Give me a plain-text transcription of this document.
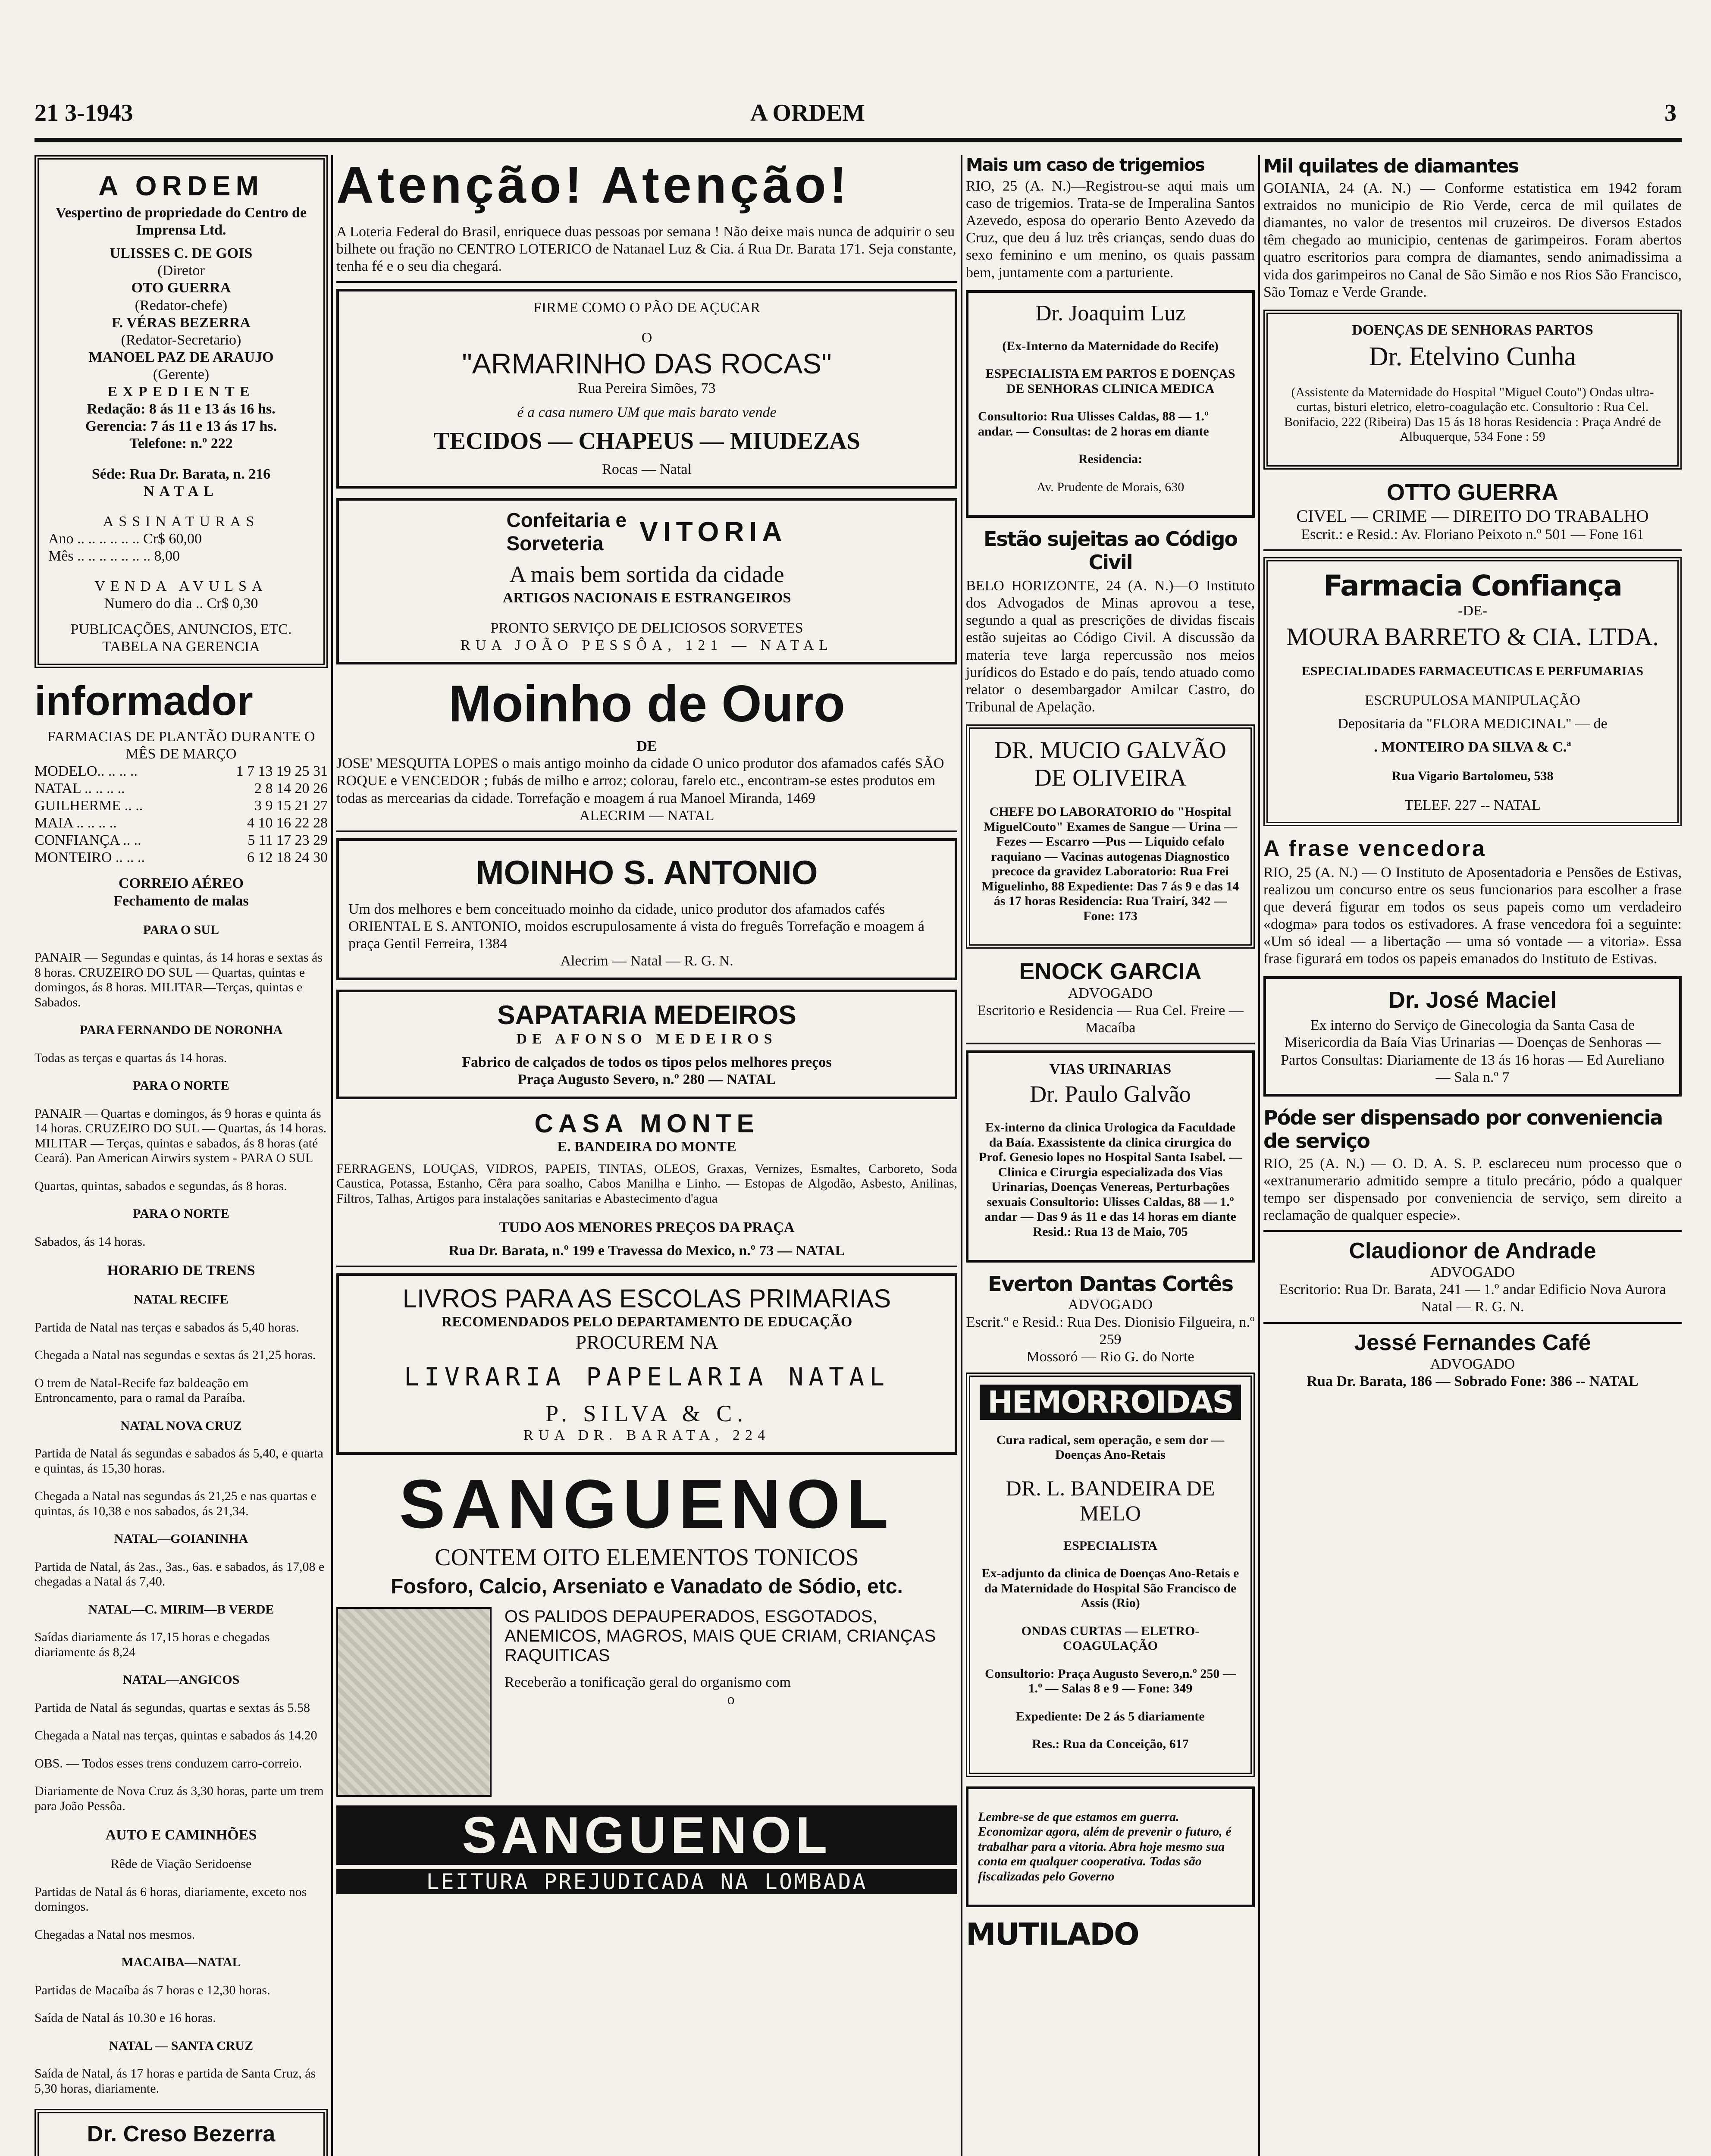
21 3-1943	A ORDEM	3

A ORDEM

Vespertino de propriedade do Centro de Imprensa Ltd.

ULISSES C. DE GOIS

(Diretor

OTO GUERRA

(Redator-chefe)

F. VÉRAS BEZERRA

(Redator-Secretario)

MANOEL PAZ DE ARAUJO

(Gerente)

EXPEDIENTE

Redação: 8 ás 11 e 13 ás 16 hs.

Gerencia: 7 ás 11 e 13 ás 17 hs.

Telefone: n.º 222

Séde: Rua Dr. Barata, n. 216

NATAL

ASSINATURAS

Ano .. .. .. .. .. .. Cr$ 60,00

Mês .. .. .. .. .. .. .. 8,00

VENDA AVULSA

Numero do dia .. Cr$ 0,30

PUBLICAÇÕES, ANUNCIOS, ETC.

TABELA NA GERENCIA

informador

FARMACIAS DE PLANTÃO DURANTE O MÊS DE MARÇO

MODELO.. .. .. ..	1 7 13 19 25 31
NATAL .. .. .. ..	2 8 14 20 26
GUILHERME .. ..	3 9 15 21 27
MAIA .. .. .. ..	4 10 16 22 28
CONFIANÇA .. ..	5 11 17 23 29
MONTEIRO .. .. ..	6 12 18 24 30

CORREIO AÉREO

Fechamento de malas

PARA O SUL

PANAIR — Segundas e quintas, ás 14 horas e sextas ás 8 horas. CRUZEIRO DO SUL — Quartas, quintas e domingos, ás 8 horas. MILITAR—Terças, quintas e Sabados.

PARA FERNANDO DE NORONHA

Todas as terças e quartas ás 14 horas.

PARA O NORTE

PANAIR — Quartas e domingos, ás 9 horas e quinta ás 14 horas. CRUZEIRO DO SUL — Quartas, ás 14 horas. MILITAR — Terças, quintas e sabados, ás 8 horas (até Ceará). Pan American Airwirs system - PARA O SUL

Quartas, quintas, sabados e segundas, ás 8 horas.

PARA O NORTE

Sabados, ás 14 horas.

HORARIO DE TRENS

NATAL RECIFE

Partida de Natal nas terças e sabados ás 5,40 horas.

Chegada a Natal nas segundas e sextas ás 21,25 horas.

O trem de Natal-Recife faz baldeação em Entroncamento, para o ramal da Paraíba.

NATAL NOVA CRUZ

Partida de Natal ás segundas e sabados ás 5,40, e quarta e quintas, ás 15,30 horas.

Chegada a Natal nas segundas ás 21,25 e nas quartas e quintas, ás 10,38 e nos sabados, ás 21,34.

NATAL—GOIANINHA

Partida de Natal, ás 2as., 3as., 6as. e sabados, ás 17,08 e chegadas a Natal ás 7,40.

NATAL—C. MIRIM—B VERDE

Saídas diariamente ás 17,15 horas e chegadas diariamente ás 8,24

NATAL—ANGICOS

Partida de Natal ás segundas, quartas e sextas ás 5.58

Chegada a Natal nas terças, quintas e sabados ás 14.20

OBS. — Todos esses trens conduzem carro-correio.

Diariamente de Nova Cruz ás 3,30 horas, parte um trem para João Pessôa.

AUTO E CAMINHÕES

Rêde de Viação Seridoense

Partidas de Natal ás 6 horas, diariamente, exceto nos domingos.

Chegadas a Natal nos mesmos.

MACAIBA—NATAL

Partidas de Macaíba ás 7 horas e 12,30 horas.

Saída de Natal ás 10.30 e 16 horas.

NATAL — SANTA CRUZ

Saída de Natal, ás 17 horas e partida de Santa Cruz, ás 5,30 horas, diariamente.

Dr. Creso Bezerra

Atenção! Atenção!

A Loteria Federal do Brasil, enriquece duas pessoas por semana ! Não deixe mais nunca de adquirir o seu bilhete ou fração no CENTRO LOTERICO de Natanael Luz & Cia. á Rua Dr. Barata 171. Seja constante, tenha fé e o seu dia chegará.

FIRME COMO O PÃO DE AÇUCAR

O

"ARMARINHO DAS ROCAS"

Rua Pereira Simões, 73

é a casa numero UM que mais barato vende

TECIDOS — CHAPEUS — MIUDEZAS

Rocas — Natal

Confeitaria e

Sorveteria	VITORIA

A mais bem sortida da cidade

ARTIGOS NACIONAIS E ESTRANGEIROS

PRONTO SERVIÇO DE DELICIOSOS SORVETES

RUA JOÃO PESSÔA, 121 — NATAL

Moinho de Ouro

DE

JOSE' MESQUITA LOPES o mais antigo moinho da cidade O unico produtor dos afamados cafés SÃO ROQUE e VENCEDOR ; fubás de milho e arroz; colorau, farelo etc., encontram-se estes produtos em todas as mercearias da cidade. Torrefação e moagem á rua Manoel Miranda, 1469

ALECRIM — NATAL

MOINHO S. ANTONIO

Um dos melhores e bem conceituado moinho da cidade, unico produtor dos afamados cafés ORIENTAL E S. ANTONIO, moidos escrupulosamente á vista do freguês Torrefação e moagem á praça Gentil Ferreira, 1384

Alecrim — Natal — R. G. N.

SAPATARIA MEDEIROS

DE AFONSO MEDEIROS

Fabrico de calçados de todos os tipos pelos melhores preços

Praça Augusto Severo, n.º 280 — NATAL

CASA MONTE

E. BANDEIRA DO MONTE

FERRAGENS, LOUÇAS, VIDROS, PAPEIS, TINTAS, OLEOS, Graxas, Vernizes, Esmaltes, Carboreto, Soda Caustica, Potassa, Estanho, Cêra para soalho, Cabos Manilha e Linho. — Estopas de Algodão, Asbesto, Anilinas, Filtros, Talhas, Artigos para instalações sanitarias e Abastecimento d'agua

TUDO AOS MENORES PREÇOS DA PRAÇA

Rua Dr. Barata, n.º 199 e Travessa do Mexico, n.º 73 — NATAL

LIVROS PARA AS ESCOLAS PRIMARIAS

RECOMENDADOS PELO DEPARTAMENTO DE EDUCAÇÃO

PROCUREM NA

LIVRARIA PAPELARIA NATAL

P. SILVA & C.

RUA DR. BARATA, 224

SANGUENOL

CONTEM OITO ELEMENTOS TONICOS

Fosforo, Calcio, Arseniato e Vanadato de Sódio, etc.

OS PALIDOS DEPAUPERADOS, ESGOTADOS, ANEMICOS, MAGROS, MAIS QUE CRIAM, CRIANÇAS RAQUITICAS

Receberão a tonificação geral do organismo com

o

SANGUENOL

LEITURA PREJUDICADA NA LOMBADA

Mais um caso de trigemios

RIO, 25 (A. N.)—Registrou-se aqui mais um caso de trigemios. Trata-se de Imperalina Santos Azevedo, esposa do operario Bento Azevedo da Cruz, que deu á luz três crianças, sendo duas do sexo feminino e um menino, os quais passam bem, juntamente com a parturiente.

Dr. Joaquim Luz

(Ex-Interno da Maternidade do Recife)

ESPECIALISTA EM PARTOS E DOENÇAS DE SENHORAS CLINICA MEDICA

Consultorio: Rua Ulisses Caldas, 88 — 1.º andar. — Consultas: de 2 horas em diante

Residencia:

Av. Prudente de Morais, 630

Estão sujeitas ao Código Civil

BELO HORIZONTE, 24 (A. N.)—O Instituto dos Advogados de Minas aprovou a tese, segundo a qual as prescrições de dividas fiscais estão sujeitas ao Código Civil. A discussão da materia teve larga repercussão nos meios jurídicos do Estado e do país, tendo atuado como relator o desembargador Amilcar Castro, do Tribunal de Apelação.

DR. MUCIO GALVÃO DE OLIVEIRA

CHEFE DO LABORATORIO do "Hospital MiguelCouto" Exames de Sangue — Urina — Fezes — Escarro —Pus — Liquido cefalo raquiano — Vacinas autogenas Diagnostico precoce da gravidez Laboratorio: Rua Frei Miguelinho, 88 Expediente: Das 7 ás 9 e das 14 ás 17 horas Residencia: Rua Trairí, 342 — Fone: 173

ENOCK GARCIA

ADVOGADO

Escritorio e Residencia — Rua Cel. Freire — Macaíba

VIAS URINARIAS

Dr. Paulo Galvão

Ex-interno da clinica Urologica da Faculdade da Baía. Exassistente da clinica cirurgica do Prof. Genesio lopes no Hospital Santa Isabel. — Clinica e Cirurgia especializada dos Vias Urinarias, Doenças Venereas, Perturbações sexuais Consultorio: Ulisses Caldas, 88 — 1.º andar — Das 9 ás 11 e das 14 horas em diante Resid.: Rua 13 de Maio, 705

Everton Dantas Cortês

ADVOGADO

Escrit.º e Resid.: Rua Des. Dionisio Filgueira, n.º 259

Mossoró — Rio G. do Norte

HEMORROIDAS

Cura radical, sem operação, e sem dor — Doenças Ano-Retais

DR. L. BANDEIRA DE MELO

ESPECIALISTA

Ex-adjunto da clinica de Doenças Ano-Retais e da Maternidade do Hospital São Francisco de Assis (Rio)

ONDAS CURTAS — ELETRO-COAGULAÇÃO

Consultorio: Praça Augusto Severo,n.º 250 — 1.º — Salas 8 e 9 — Fone: 349

Expediente: De 2 ás 5 diariamente

Res.: Rua da Conceição, 617

Lembre-se de que estamos em guerra. Economizar agora, além de prevenir o futuro, é trabalhar para a vitoria. Abra hoje mesmo sua conta em qualquer cooperativa. Todas são fiscalizadas pelo Governo

MUTILADO

Mil quilates de diamantes

GOIANIA, 24 (A. N.) — Conforme estatistica em 1942 foram extraidos no municipio de Rio Verde, cerca de mil quilates de diamantes, no valor de tresentos mil cruzeiros. De diversos Estados têm chegado ao municipio, centenas de garimpeiros. Foram abertos quatro escritorios para compra de diamantes, sendo animadissima a vida dos garimpeiros no Canal de São Simão e nos Rios São Francisco, São Tomaz e Verde Grande.

DOENÇAS DE SENHORAS PARTOS

Dr. Etelvino Cunha

(Assistente da Maternidade do Hospital "Miguel Couto") Ondas ultra-curtas, bisturi eletrico, eletro-coagulação etc. Consultorio : Rua Cel. Bonifacio, 222 (Ribeira) Das 15 ás 18 horas Residencia : Praça André de Albuquerque, 534 Fone : 59

OTTO GUERRA

CIVEL — CRIME — DIREITO DO TRABALHO

Escrit.: e Resid.: Av. Floriano Peixoto n.º 501 — Fone 161

Farmacia Confiança

-DE-

MOURA BARRETO & CIA. LTDA.

ESPECIALIDADES FARMACEUTICAS E PERFUMARIAS

ESCRUPULOSA MANIPULAÇÃO

Depositaria da "FLORA MEDICINAL" — de

. MONTEIRO DA SILVA & C.ª

Rua Vigario Bartolomeu, 538

TELEF. 227 -- NATAL

A frase vencedora

RIO, 25 (A. N.) — O Instituto de Aposentadoria e Pensões de Estivas, realizou um concurso entre os seus funcionarios para escolher a frase que deverá figurar em todos os seus papeis como um verdadeiro «dogma» para todos os estivadores. A frase vencedora foi a seguinte: «Um só ideal — a libertação — uma só vontade — a vitoria». Essa frase figurará em todos os papeis emanados do Instituto de Estivas.

Dr. José Maciel

Ex interno do Serviço de Ginecologia da Santa Casa de Misericordia da Baía Vias Urinarias — Doenças de Senhoras — Partos Consultas: Diariamente de 13 ás 16 horas — Ed Aureliano — Sala n.º 7

Póde ser dispensado por conveniencia de serviço

RIO, 25 (A. N.) — O. D. A. S. P. esclareceu num processo que o «extranumerario admitido sempre a titulo precário, pódo a qualquer tempo ser dispensado por conveniencia de serviço, sem direito a reclamação de qualquer especie».

Claudionor de Andrade

ADVOGADO

Escritorio: Rua Dr. Barata, 241 — 1.º andar Edificio Nova Aurora Natal — R. G. N.

Jessé Fernandes Café

ADVOGADO

Rua Dr. Barata, 186 — Sobrado Fone: 386 -- NATAL
